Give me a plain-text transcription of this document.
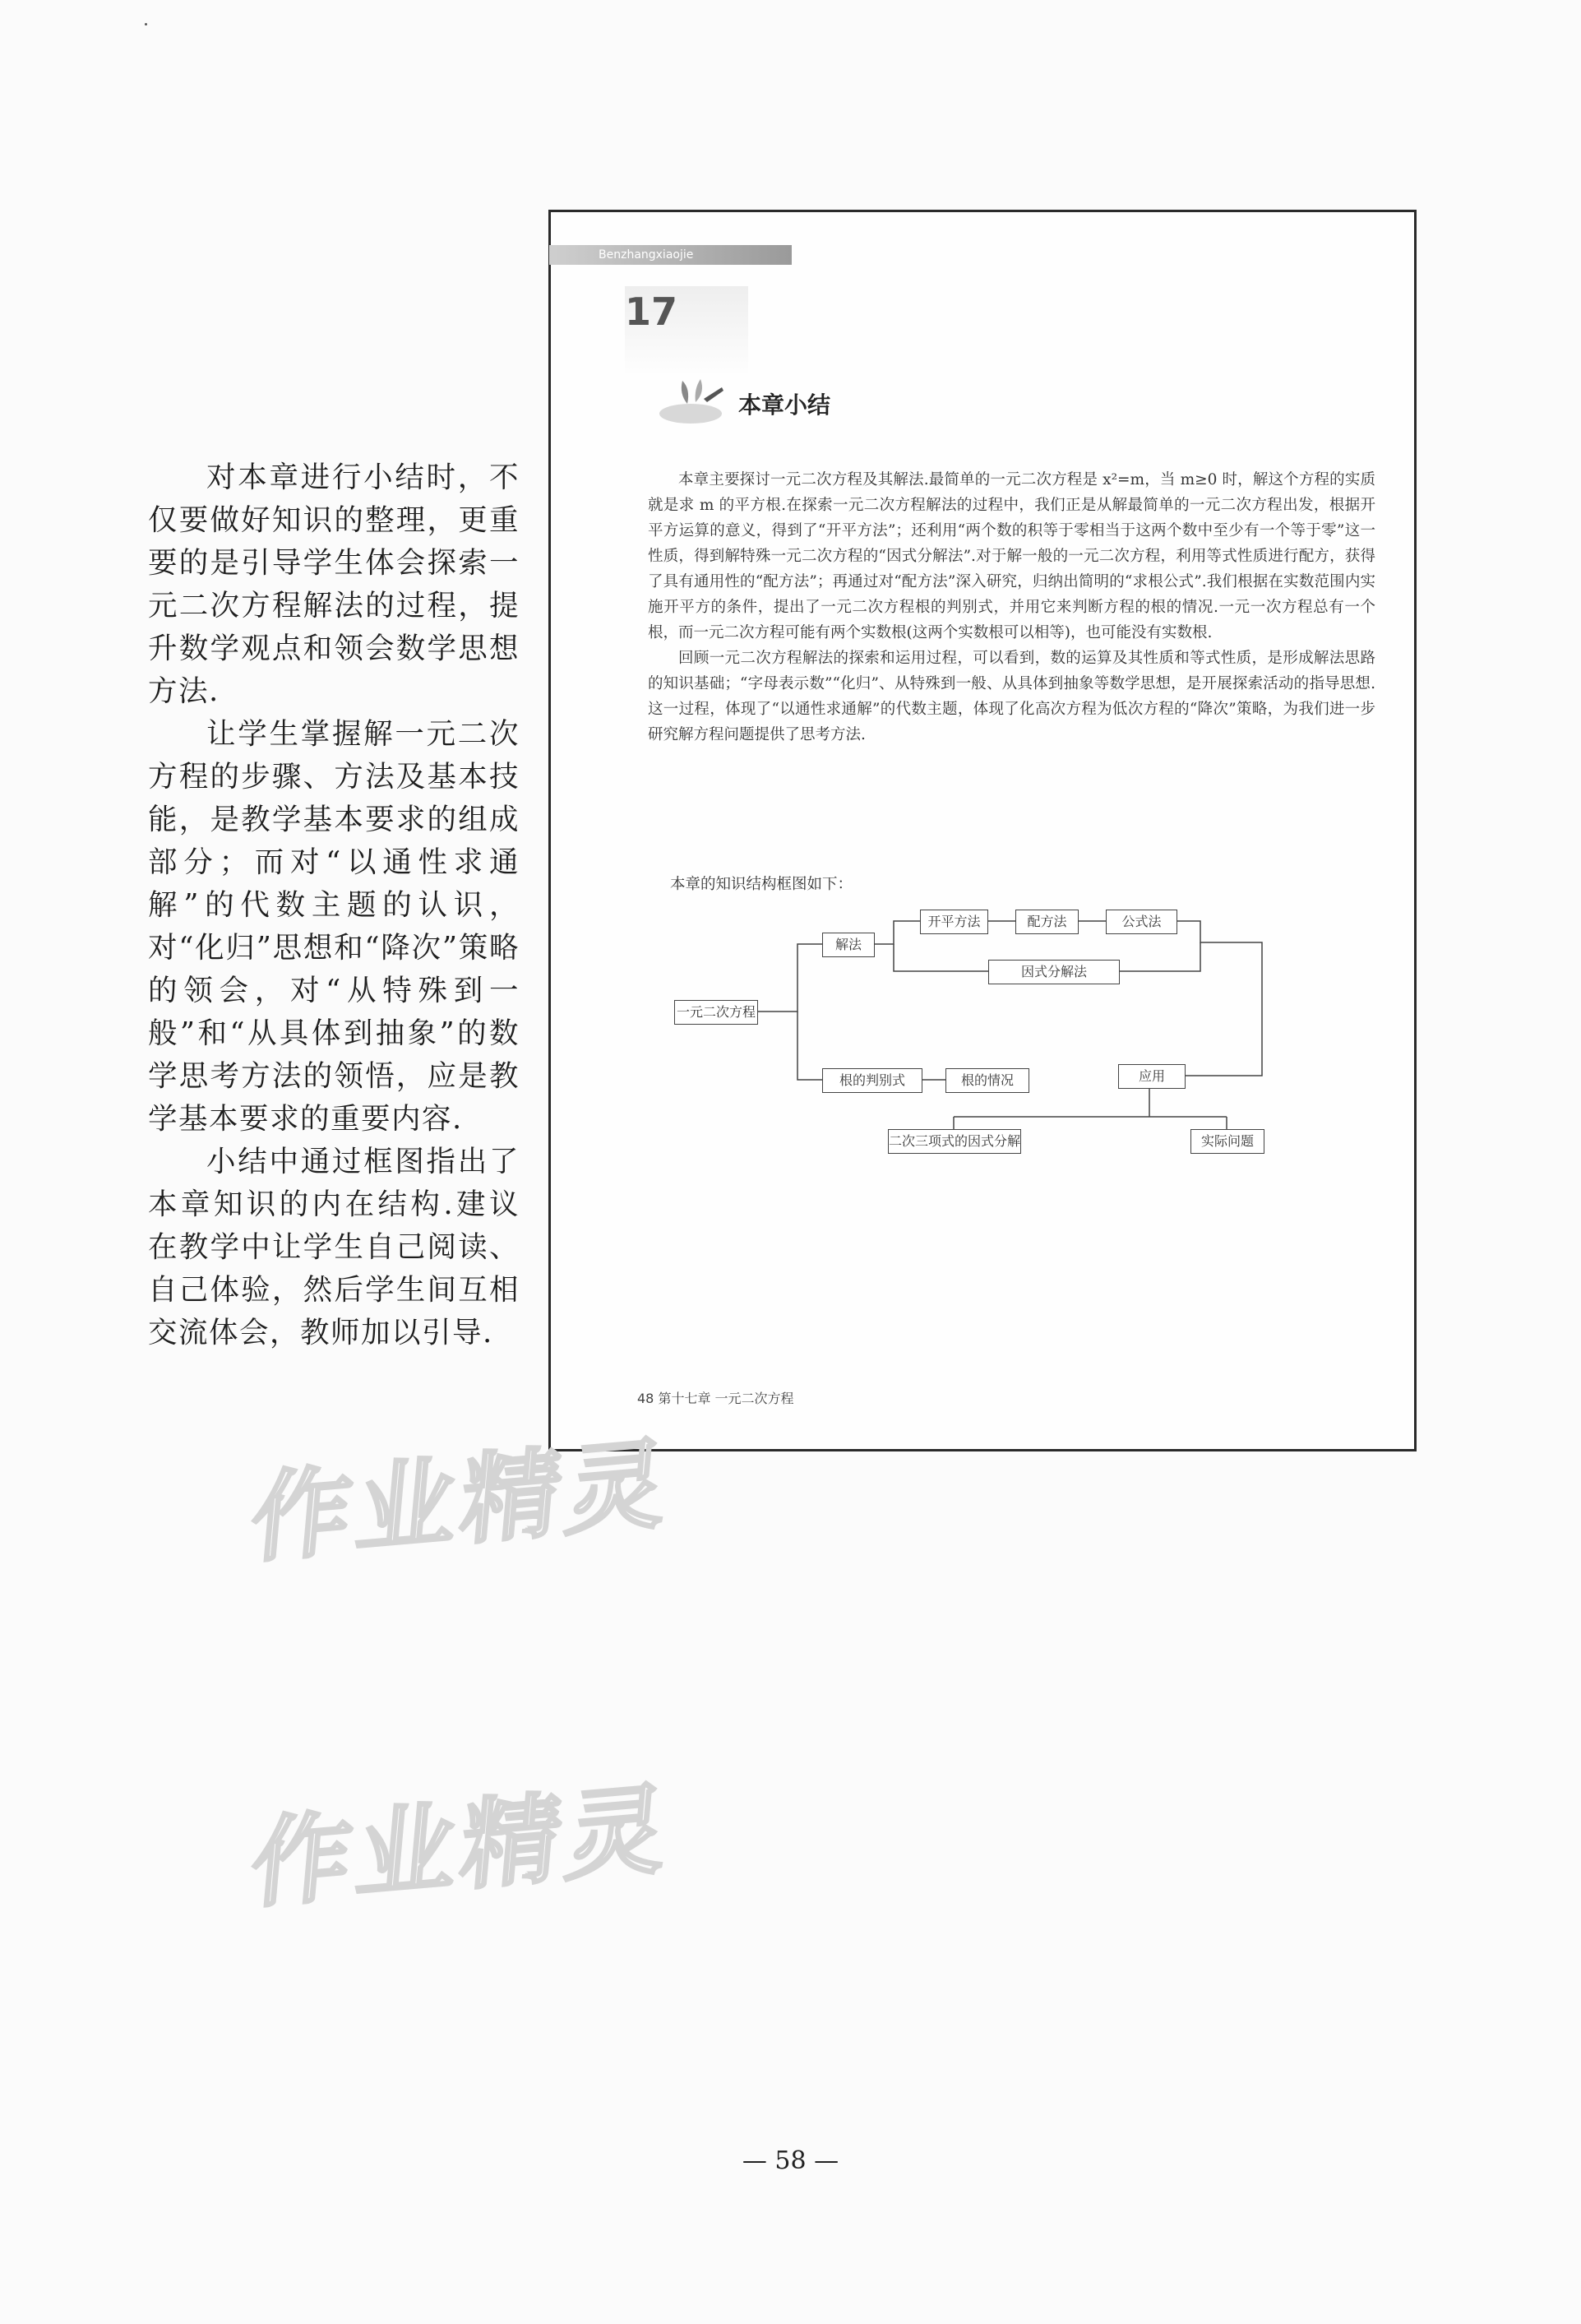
对本章进行小结时，不仅要做好知识的整理，更重要的是引导学生体会探索一元二次方程解法的过程，提升数学观点和领会数学思想方法.

让学生掌握解一元二次方程的步骤、方法及基本技能，是教学基本要求的组成部分；而对“以通性求通解”的代数主题的认识，对“化归”思想和“降次”策略的领会，对“从特殊到一般”和“从具体到抽象”的数学思考方法的领悟，应是教学基本要求的重要内容.

小结中通过框图指出了本章知识的内在结构.建议在教学中让学生自己阅读、自己体验，然后学生间互相交流体会，教师加以引导.

Benzhangxiaojie
17
本章小结

本章主要探讨一元二次方程及其解法.最简单的一元二次方程是 x²=m，当 m≥0 时，解这个方程的实质就是求 m 的平方根.在探索一元二次方程解法的过程中，我们正是从解最简单的一元二次方程出发，根据开平方运算的意义，得到了“开平方法”；还利用“两个数的积等于零相当于这两个数中至少有一个等于零”这一性质，得到解特殊一元二次方程的“因式分解法”.对于解一般的一元二次方程，利用等式性质进行配方，获得了具有通用性的“配方法”；再通过对“配方法”深入研究，归纳出简明的“求根公式”.我们根据在实数范围内实施开平方的条件，提出了一元二次方程根的判别式，并用它来判断方程的根的情况.一元一次方程总有一个根，而一元二次方程可能有两个实数根(这两个实数根可以相等)，也可能没有实数根.

回顾一元二次方程解法的探索和运用过程，可以看到，数的运算及其性质和等式性质，是形成解法思路的知识基础；“字母表示数”“化归”、从特殊到一般、从具体到抽象等数学思想，是开展探索活动的指导思想.这一过程，体现了“以通性求通解”的代数主题，体现了化高次方程为低次方程的“降次”策略，为我们进一步研究解方程问题提供了思考方法.

本章的知识结构框图如下：
一元二次方程
解法
开平方法	配方法	公式法
因式分解法
根的判别式	根的情况	应用
二次三项式的因式分解	实际问题
48 第十七章 一元二次方程
作业精灵
作业精灵
— 58 —
